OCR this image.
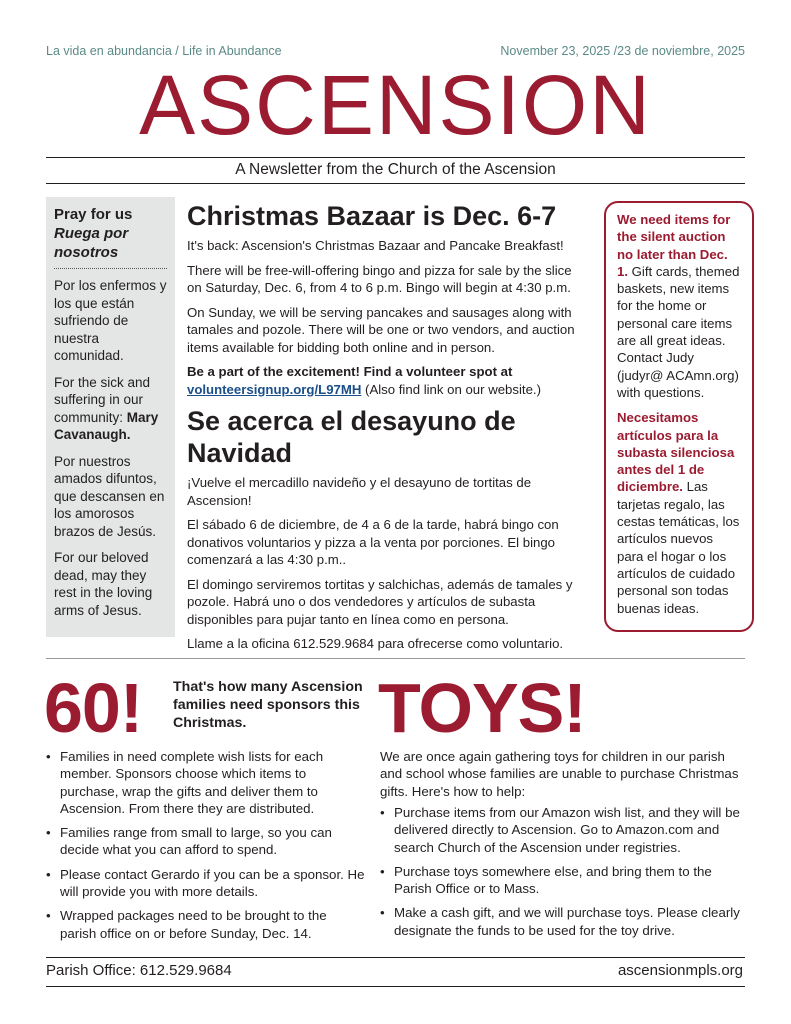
La vida en abundancia / Life in Abundance	November 23, 2025 /23 de noviembre, 2025
ASCENSION
A Newsletter from the Church of the Ascension
Pray for us
Ruega por nosotros

Por los enfermos y los que están sufriendo de nuestra comunidad.

For the sick and suffering in our community: Mary Cavanaugh.

Por nuestros amados difuntos, que descansen en los amorosos brazos de Jesús.

For our beloved dead, may they rest in the loving arms of Jesus.

Christmas Bazaar is Dec. 6-7

It's back: Ascension's Christmas Bazaar and Pancake Breakfast!

There will be free-will-offering bingo and pizza for sale by the slice on Saturday, Dec. 6, from 4 to 6 p.m. Bingo will begin at 4:30 p.m.

On Sunday, we will be serving pancakes and sausages along with tamales and pozole. There will be one or two vendors, and auction items available for bidding both online and in person.

Be a part of the excitement! Find a volunteer spot at volunteersignup.org/L97MH (Also find link on our website.)

Se acerca el desayuno de Navidad

¡Vuelve el mercadillo navideño y el desayuno de tortitas de Ascension!

El sábado 6 de diciembre, de 4 a 6 de la tarde, habrá bingo con donativos voluntarios y pizza a la venta por porciones. El bingo comenzará a las 4:30 p.m..

El domingo serviremos tortitas y salchichas, además de tamales y pozole. Habrá uno o dos vendedores y artículos de subasta disponibles para pujar tanto en línea como en persona.

Llame a la oficina 612.529.9684 para ofrecerse como voluntario.

We need items for the silent auction no later than Dec. 1. Gift cards, themed baskets, new items for the home or personal care items are all great ideas. Contact Judy (judyr@ ACAmn.org) with questions.

Necesitamos artículos para la subasta silenciosa antes del 1 de diciembre. Las tarjetas regalo, las cestas temáticas, los artículos nuevos para el hogar o los artículos de cuidado personal son todas buenas ideas.

60! That's how many Ascension families need sponsors this Christmas.
• Families in need complete wish lists for each member. Sponsors choose which items to purchase, wrap the gifts and deliver them to Ascension. From there they are distributed.
• Families range from small to large, so you can decide what you can afford to spend.
• Please contact Gerardo if you can be a sponsor. He will provide you with more details.
• Wrapped packages need to be brought to the parish office on or before Sunday, Dec. 14.
TOYS!

We are once again gathering toys for children in our parish and school whose families are unable to purchase Christmas gifts. Here's how to help:

• Purchase items from our Amazon wish list, and they will be delivered directly to Ascension. Go to Amazon.com and search Church of the Ascension under registries.
• Purchase toys somewhere else, and bring them to the Parish Office or to Mass.
• Make a cash gift, and we will purchase toys. Please clearly designate the funds to be used for the toy drive.
Parish Office: 612.529.9684	ascensionmpls.org
